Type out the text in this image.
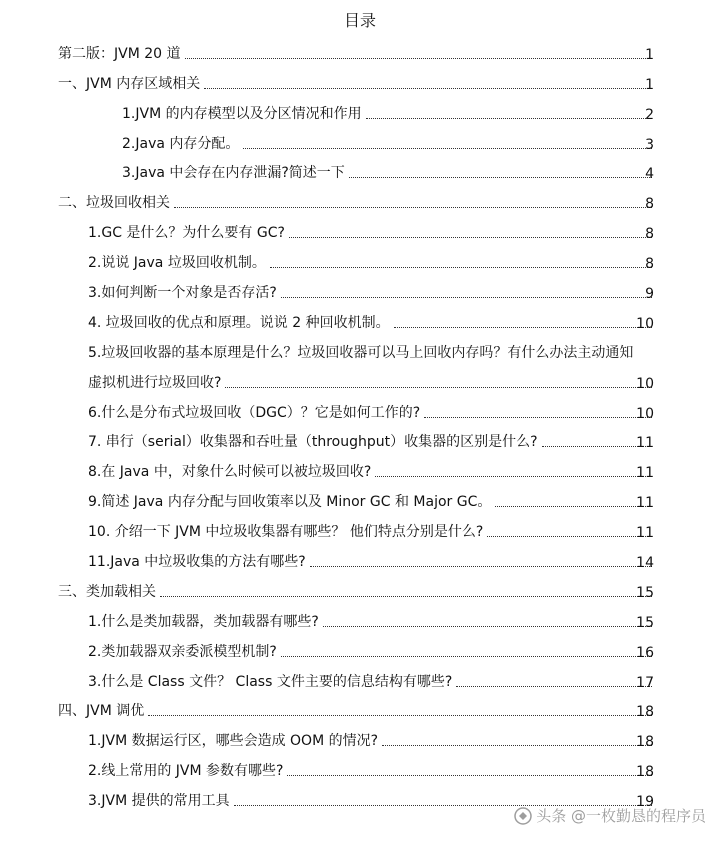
目录
第二版：JVM 20 道	1
一、JVM 内存区域相关	1
1.JVM 的内存模型以及分区情况和作用	2
2.Java 内存分配。	3
3.Java 中会存在内存泄漏?简述一下	4
二、垃圾回收相关	8
1.GC 是什么？为什么要有 GC?	8
2.说说 Java 垃圾回收机制。	8
3.如何判断一个对象是否存活?	9
4. 垃圾回收的优点和原理。说说 2 种回收机制。	10
5.垃圾回收器的基本原理是什么？垃圾回收器可以马上回收内存吗？有什么办法主动通知
虚拟机进行垃圾回收?	10
6.什么是分布式垃圾回收（DGC）？它是如何工作的?	10
7. 串行（serial）收集器和吞吐量（throughput）收集器的区别是什么?	11
8.在 Java 中，对象什么时候可以被垃圾回收?	11
9.简述 Java 内存分配与回收策率以及 Minor GC 和 Major GC。	11
10. 介绍一下 JVM 中垃圾收集器有哪些？ 他们特点分别是什么?	11
11.Java 中垃圾收集的方法有哪些?	14
三、类加载相关	15
1.什么是类加载器，类加载器有哪些?	15
2.类加载器双亲委派模型机制?	16
3.什么是 Class 文件？ Class 文件主要的信息结构有哪些?	17
四、JVM 调优	18
1.JVM 数据运行区，哪些会造成 OOM 的情况?	18
2.线上常用的 JVM 参数有哪些?	18
3.JVM 提供的常用工具	19
头条 @一枚勤恳的程序员
